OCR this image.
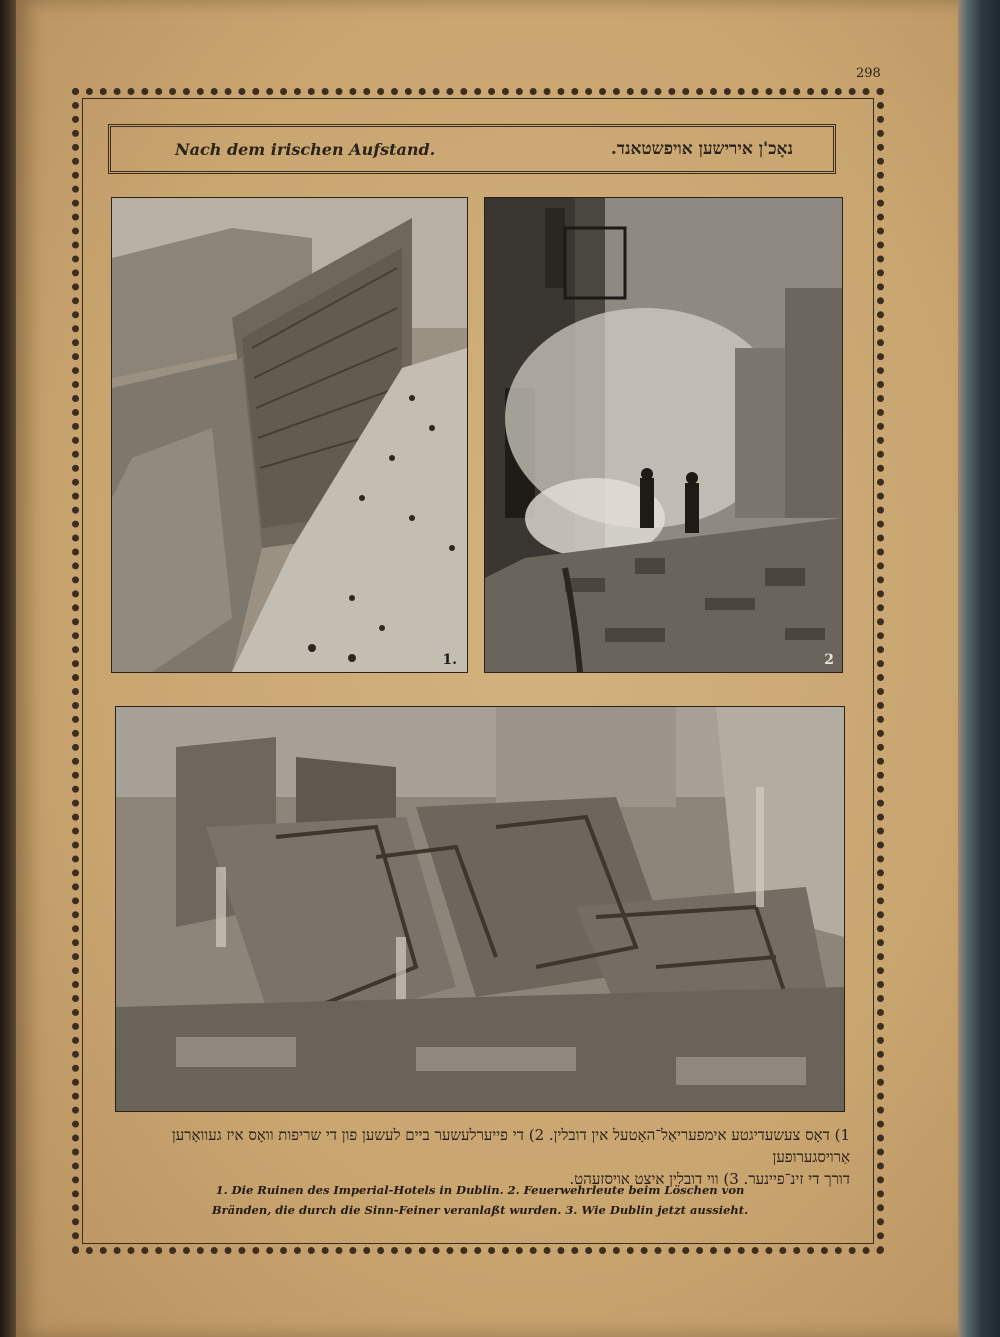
298
Nach dem irischen Aufstand.	נאָכ'ן אירישען אויפשטאנד.
1.	2
1) דאָס צעשעדיגטע אימפעריאַל־האָטעל אין דובלין. 2) די פייערלעשער ביים לעשען פון די שריפות וואָס איז געוואָרען אַרויסגערופען
דורך די זינ־פיינער. 3) ווי דובלין איצט אויסזעהט.
1. Die Ruinen des Imperial-Hotels in Dublin. 2. Feuerwehrleute beim Löschen von
Bränden, die durch die Sinn-Feiner veranlaßt wurden. 3. Wie Dublin jetzt aussieht.
